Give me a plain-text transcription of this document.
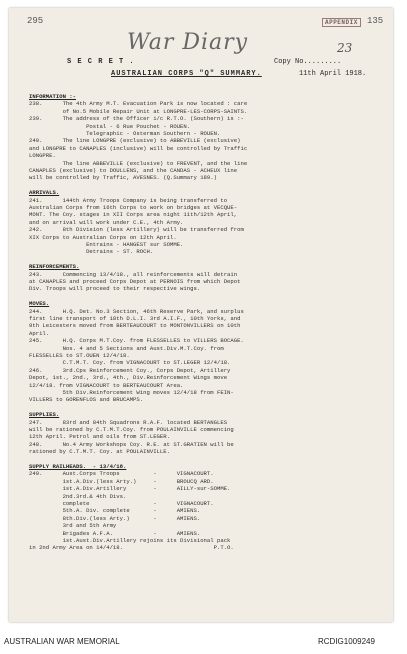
295	135
APPENDIX
War Diary	23
S E C R E T .	Copy No.........
AUSTRALIAN CORPS "Q" SUMMARY.	11th April 1918.
INFORMATION :-
238.      The 4th Army M.T. Evacuation Park is now located : care
of No.5 Mobile Repair Unit at LONGPRE-LES-CORPS-SAINTS.
239.      The address of the Officer i/c R.T.O. (Southern) is :-
Postal - 6 Rue Pouchet - ROUEN.
Telegraphic - Osterman Southern - ROUEN.
240.      The line LONGPRE (exclusive) to ABBEVILLE (exclusive)
and LONGPRE to CANAPLES (inclusive) will be controlled by Traffic
LONGPRE.
The line ABBEVILLE (exclusive) to FREVENT, and the line
CANAPLES (exclusive) to DOULLENS, and the CANDAS - ACHEUX line
will be controlled by Traffic, AVESNES. (Q.Summary 189.)
ARRIVALS.
241.      144th Army Troops Company is being transferred to
Australian Corps from 16th Corps to work on bridges at VECQUE-
MONT. The Coy. stages in XII Corps area night 11th/12th April,
and on arrival will work under C.E., 4th Army.
242.      8th Division (less Artillery) will be transferred from
XIX Corps to Australian Corps on 12th April.
Entrains - HANGEST sur SOMME.
Detrains - ST. ROCH.
REINFORCEMENTS.
243.      Commencing 13/4/18., all reinforcements will detrain
at CANAPLES and proceed Corps Depot at PERNOIS from which Depot
Div. Troops will proceed to their respective wings.
MOVES.
244.      H.Q. Det. No.3 Section, 46th Reserve Park, and surplus
first line transport of 18th D.L.I. 3rd A.I.F., 10th Yorks, and
9th Leicesters moved from BERTEAUCOURT to MONTONVILLERS on 10th
April.
245.      H.Q. Corps M.T.Coy. from FLESSELLES to VILLERS BOCAGE.
Nos. 4 and 5 Sections and Aust.Div.M.T.Coy. from
FLESSELLES to ST.OUEN 12/4/18.
C.T.M.T. Coy. from VIGNACOURT to ST.LEGER 12/4/18.
246.      3rd.Cps Reinforcement Coy., Corps Depot, Artillery
Depot, 1st., 2nd., 3rd., 4th., Div.Reinforcement Wings move
12/4/18. from VIGNACOURT to BERTEAUCOURT Area.
5th Div.Reinforcement Wing moves 12/4/18 from FEIN-
VILLERS to GORENFLOS and BRUCAMPS.
SUPPLIES.
247.      83rd and 84th Squadrons R.A.F. located BERTANGLES
will be rationed by C.T.M.T.Coy. from POULAINVILLE commencing
12th April. Petrol and oils from ST.LEGER.
248.      No.4 Army Workshops Coy. R.E. at ST.GRATIEN will be
rationed by C.T.M.T. Coy. at POULAINVILLE.
SUPPLY RAILHEADS.  - 13/4/18.
249.      Aust.Corps Troops          -      VIGNACOURT.
1st.A.Div.(less Arty.)     -      BROUCQ ARD.
1st.A.Div.Artillery        -      AILLY-sur-SOMME.
2nd.3rd.& 4th Divs.
complete                   -      VIGNACOURT.
5th.A. Div. complete       -      AMIENS.
8th.Div.(less Arty.)       -      AMIENS.
3rd and 5th Army
Brigades A.F.A.            -      AMIENS.
1st.Aust.Div.Artillery rejoins its Divisional pack
in 2nd Army Area on 14/4/18.                           P.T.O.
AUSTRALIAN WAR MEMORIAL	RCDIG1009249
